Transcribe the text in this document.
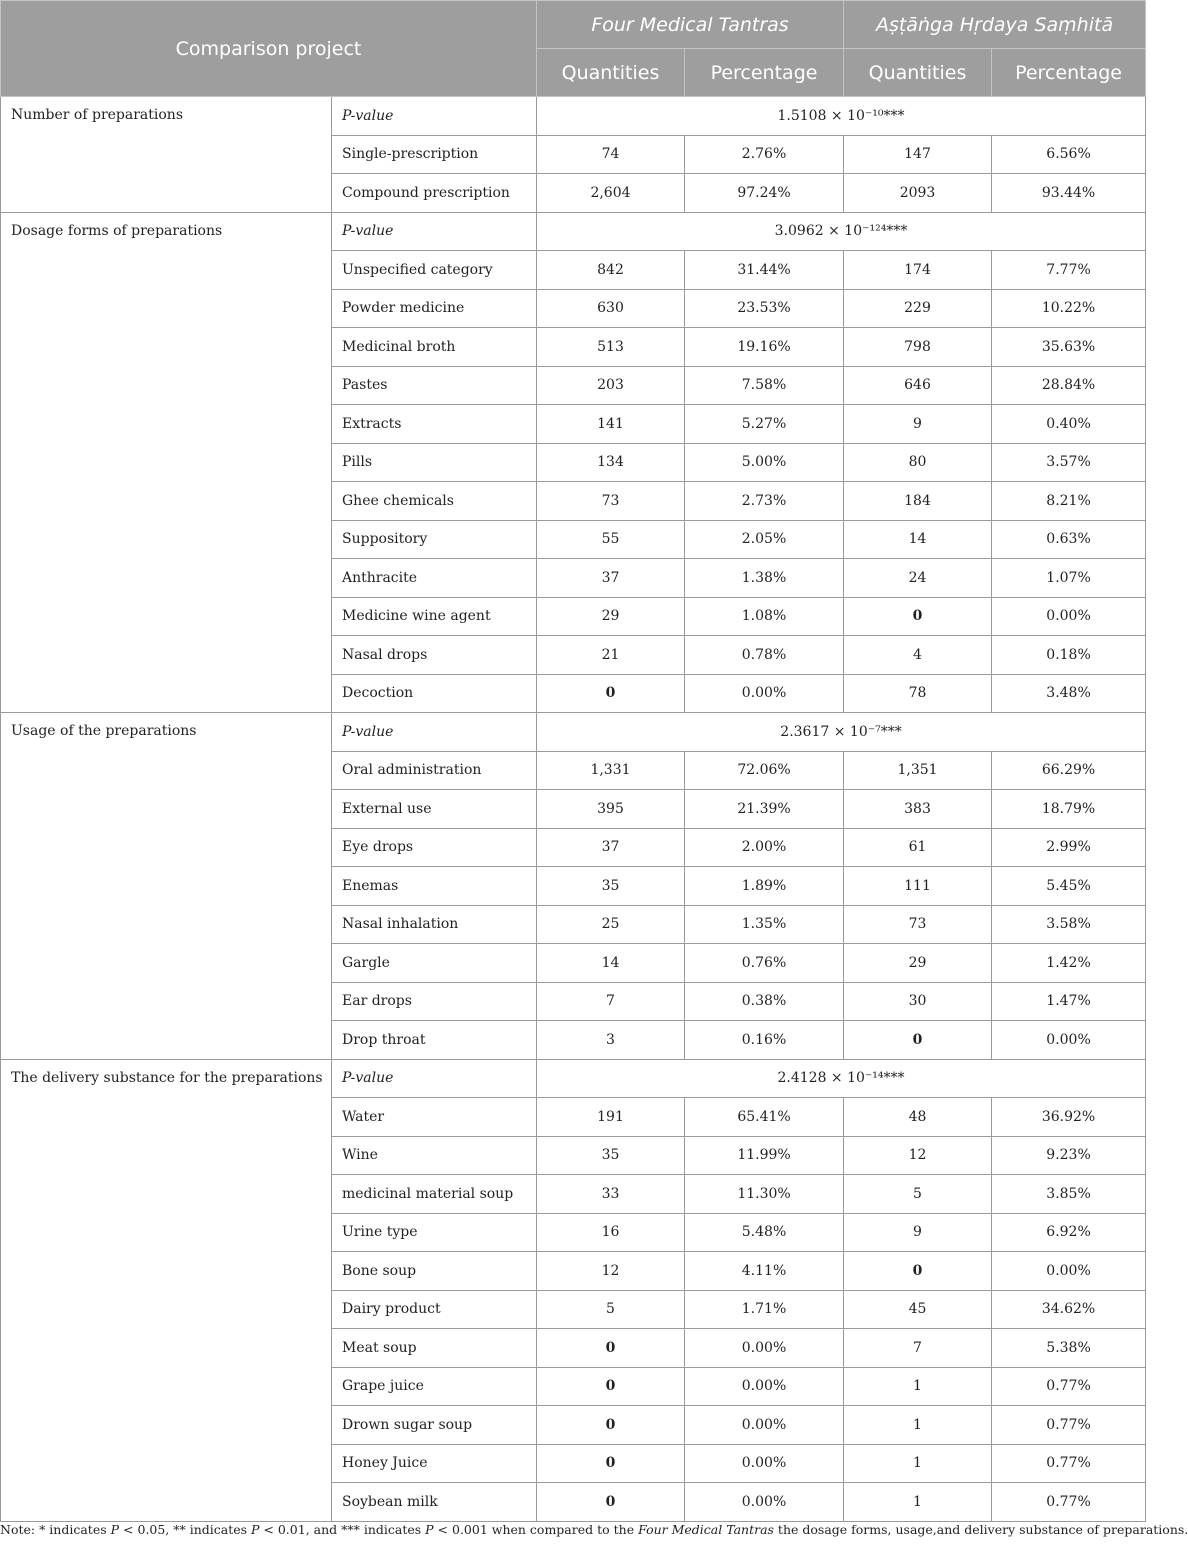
Comparison project		Four Medical Tantras		Aṣṭāṅga Hṛdaya Saṃhitā	
		Quantities	Percentage	Quantities	Percentage
Number of preparations	P-value	1.5108 × 10⁻¹⁰***			
	Single-prescription	74	2.76%	147	6.56%
	Compound prescription	2,604	97.24%	2093	93.44%
Dosage forms of preparations	P-value	3.0962 × 10⁻¹²⁴***			
	Unspecified category	842	31.44%	174	7.77%
	Powder medicine	630	23.53%	229	10.22%
	Medicinal broth	513	19.16%	798	35.63%
	Pastes	203	7.58%	646	28.84%
	Extracts	141	5.27%	9	0.40%
	Pills	134	5.00%	80	3.57%
	Ghee chemicals	73	2.73%	184	8.21%
	Suppository	55	2.05%	14	0.63%
	Anthracite	37	1.38%	24	1.07%
	Medicine wine agent	29	1.08%	0	0.00%
	Nasal drops	21	0.78%	4	0.18%
	Decoction	0	0.00%	78	3.48%
Usage of the preparations	P-value	2.3617 × 10⁻⁷***			
	Oral administration	1,331	72.06%	1,351	66.29%
	External use	395	21.39%	383	18.79%
	Eye drops	37	2.00%	61	2.99%
	Enemas	35	1.89%	111	5.45%
	Nasal inhalation	25	1.35%	73	3.58%
	Gargle	14	0.76%	29	1.42%
	Ear drops	7	0.38%	30	1.47%
	Drop throat	3	0.16%	0	0.00%
The delivery substance for the preparations	P-value	2.4128 × 10⁻¹⁴***			
	Water	191	65.41%	48	36.92%
	Wine	35	11.99%	12	9.23%
	medicinal material soup	33	11.30%	5	3.85%
	Urine type	16	5.48%	9	6.92%
	Bone soup	12	4.11%	0	0.00%
	Dairy product	5	1.71%	45	34.62%
	Meat soup	0	0.00%	7	5.38%
	Grape juice	0	0.00%	1	0.77%
	Drown sugar soup	0	0.00%	1	0.77%
	Honey Juice	0	0.00%	1	0.77%
	Soybean milk	0	0.00%	1	0.77%
Note: * indicates P < 0.05, ** indicates P < 0.01, and *** indicates P < 0.001 when compared to the Four Medical Tantras the dosage forms, usage,and delivery substance of preparations.
